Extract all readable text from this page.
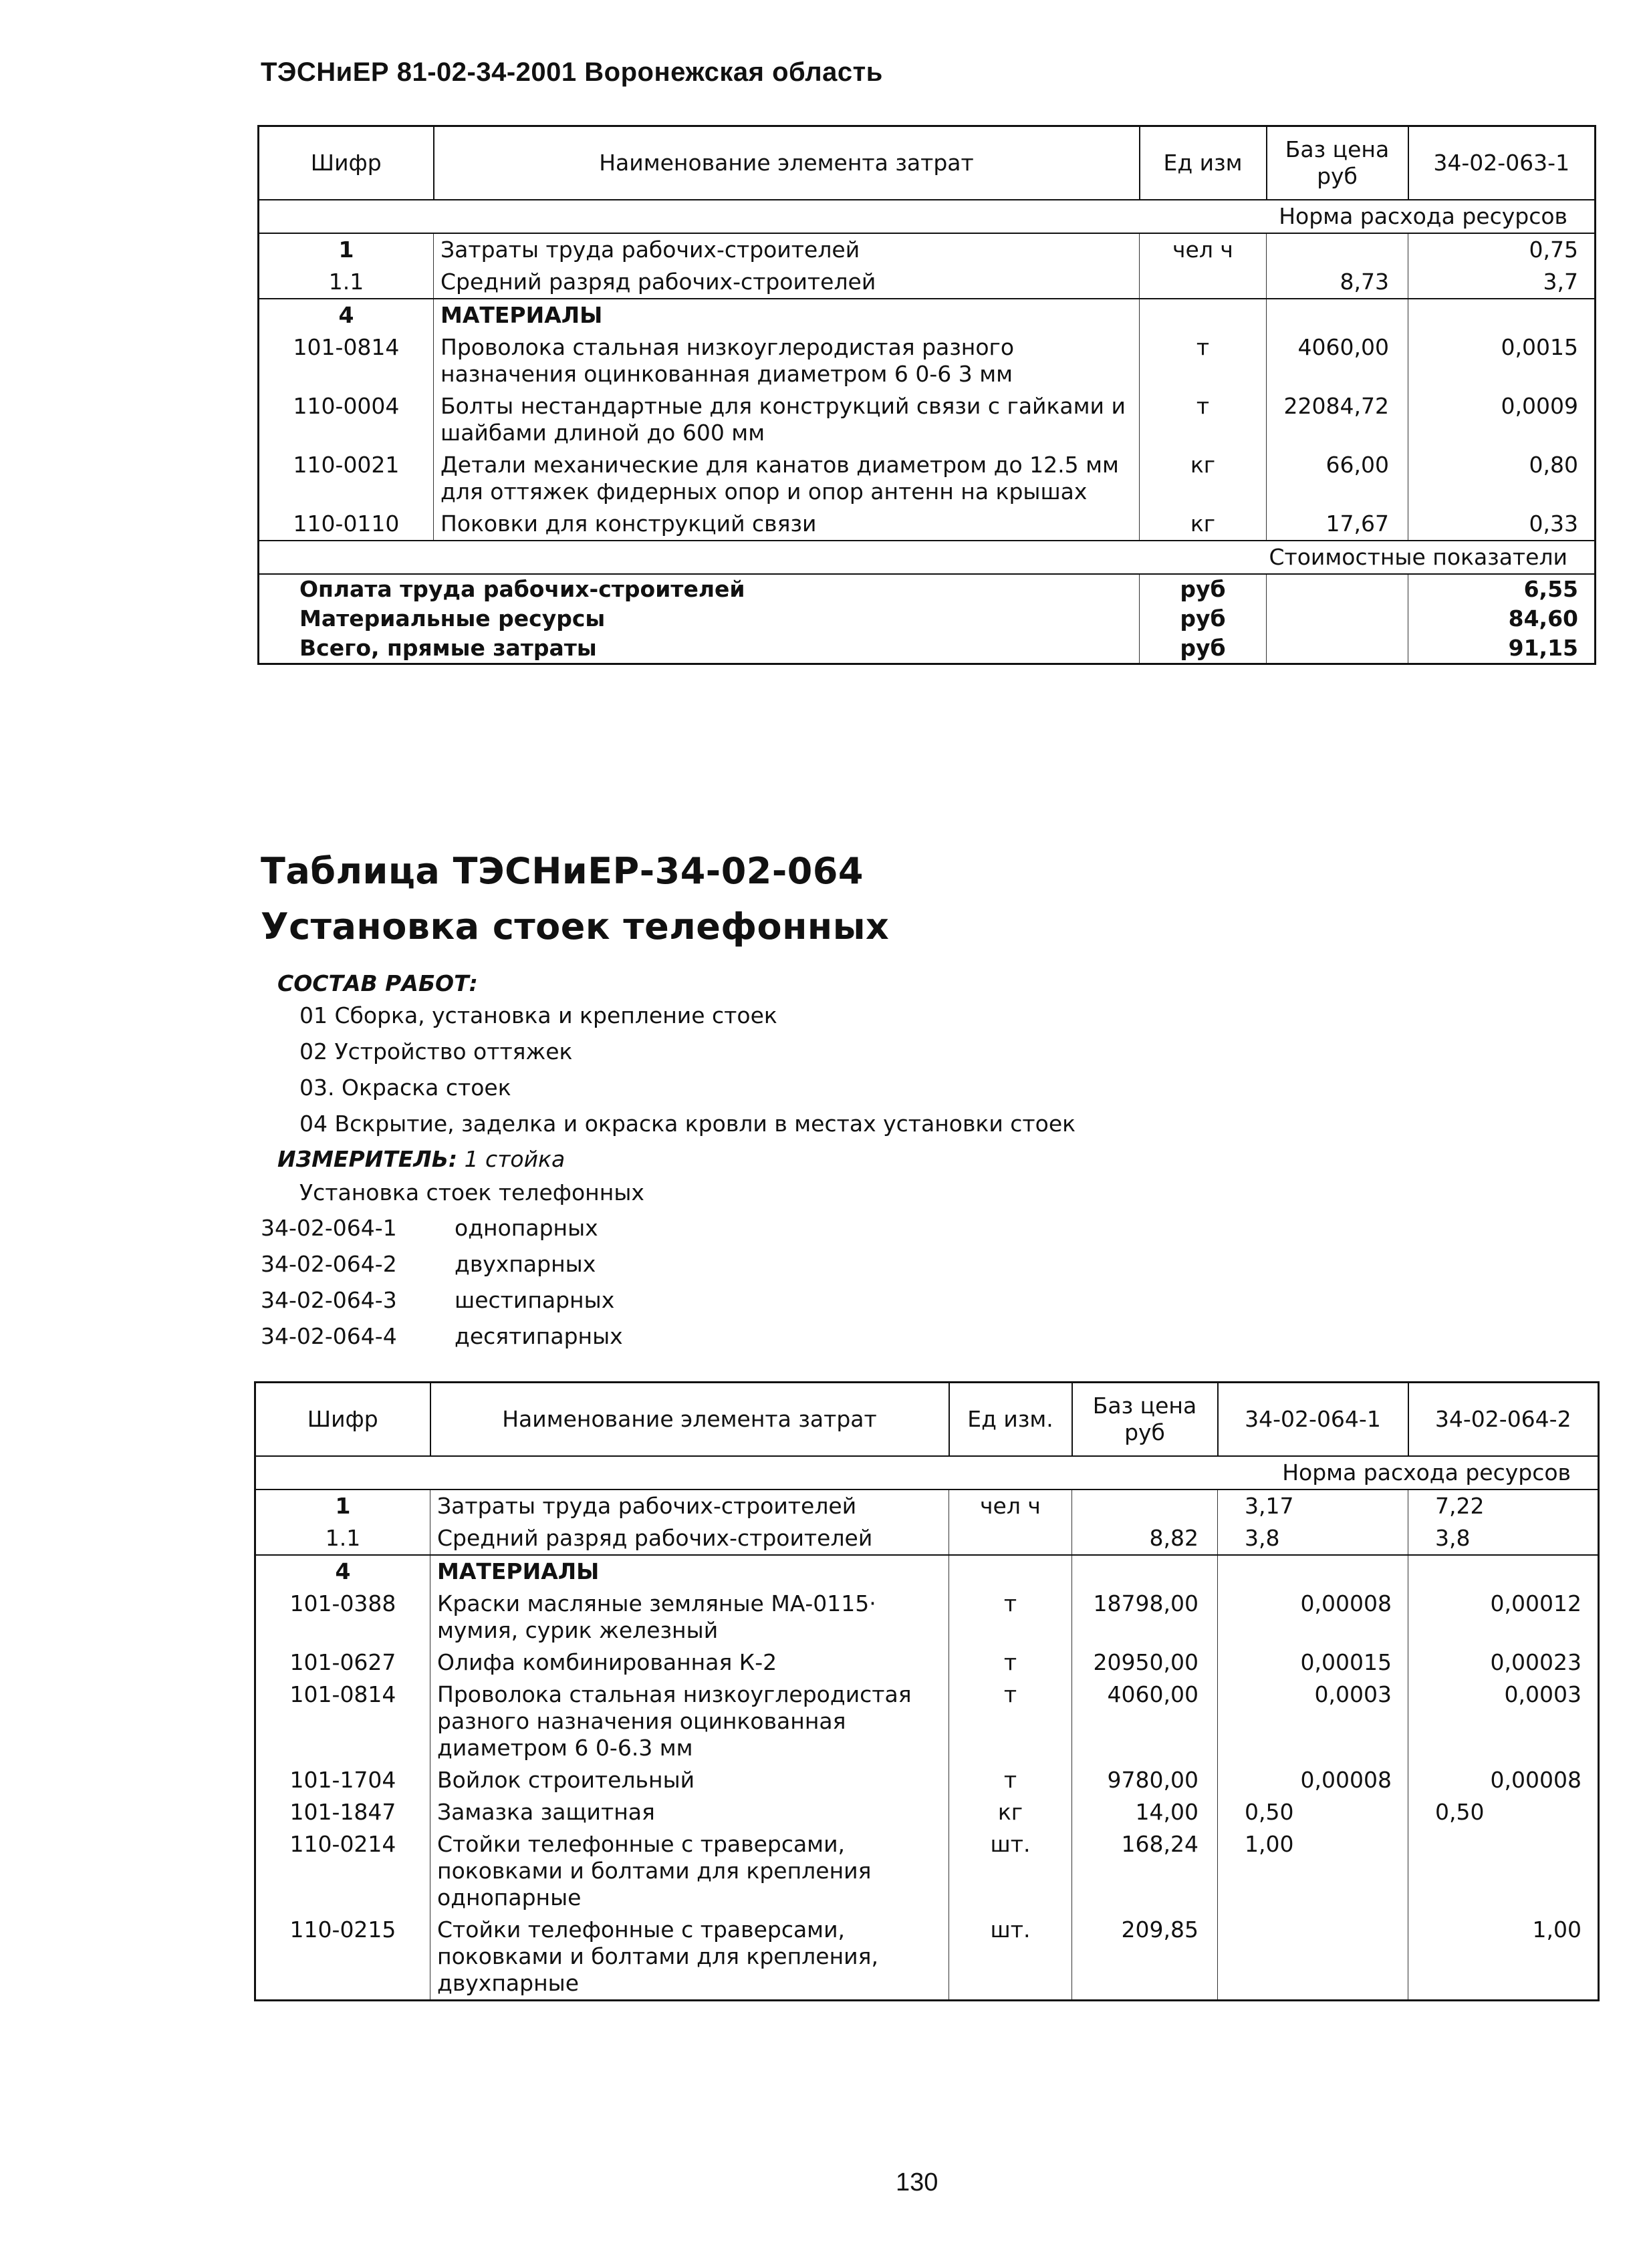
ТЭСНиЕР 81-02-34-2001 Воронежская область
Шифр	Наименование элемента затрат	Ед изм	Баз цена руб	34-02-063-1
Норма расхода ресурсов				
1	Затраты труда рабочих-строителей	чел ч		0,75
1.1	Средний разряд рабочих-строителей		8,73	3,7
4	МАТЕРИАЛЫ			
101-0814	Проволока стальная низкоуглеродистая разного назначения оцинкованная диаметром 6 0-6 3 мм	т	4060,00	0,0015
110-0004	Болты нестандартные для конструкций связи с гайками и шайбами длиной до 600 мм	т	22084,72	0,0009
110-0021	Детали механические для канатов диаметром до 12.5 мм для оттяжек фидерных опор и опор антенн на крышах	кг	66,00	0,80
110-0110	Поковки для конструкций связи	кг	17,67	0,33
Стоимостные показатели				
Оплата труда рабочих-строителей		руб		6,55
Материальные ресурсы		руб		84,60
Всего, прямые затраты		руб		91,15
Таблица ТЭСНиЕР-34-02-064
Установка стоек телефонных
СОСТАВ РАБОТ:
01 Сборка, установка и крепление стоек
02 Устройство оттяжек
03. Окраска стоек
04 Вскрытие, заделка и окраска кровли в местах установки стоек
ИЗМЕРИТЕЛЬ: 1 стойка
Установка стоек телефонных
34-02-064-1	однопарных
34-02-064-2	двухпарных
34-02-064-3	шестипарных
34-02-064-4	десятипарных
Шифр	Наименование элемента затрат	Ед изм.	Баз цена руб	34-02-064-1	34-02-064-2
Норма расхода ресурсов					
1	Затраты труда рабочих-строителей	чел ч		3,17	7,22
1.1	Средний разряд рабочих-строителей		8,82	3,8	3,8
4	МАТЕРИАЛЫ				
101-0388	Краски масляные земляные МА-0115· мумия, сурик железный	т	18798,00	0,00008	0,00012
101-0627	Олифа комбинированная К-2	т	20950,00	0,00015	0,00023
101-0814	Проволока стальная низкоуглеродистая разного назначения оцинкованная диаметром 6 0-6.3 мм	т	4060,00	0,0003	0,0003
101-1704	Войлок строительный	т	9780,00	0,00008	0,00008
101-1847	Замазка защитная	кг	14,00	0,50	0,50
110-0214	Стойки телефонные с траверсами, поковками и болтами для крепления однопарные	шт.	168,24	1,00	
110-0215	Стойки телефонные с траверсами, поковками и болтами для крепления, двухпарные	шт.	209,85		1,00
130
